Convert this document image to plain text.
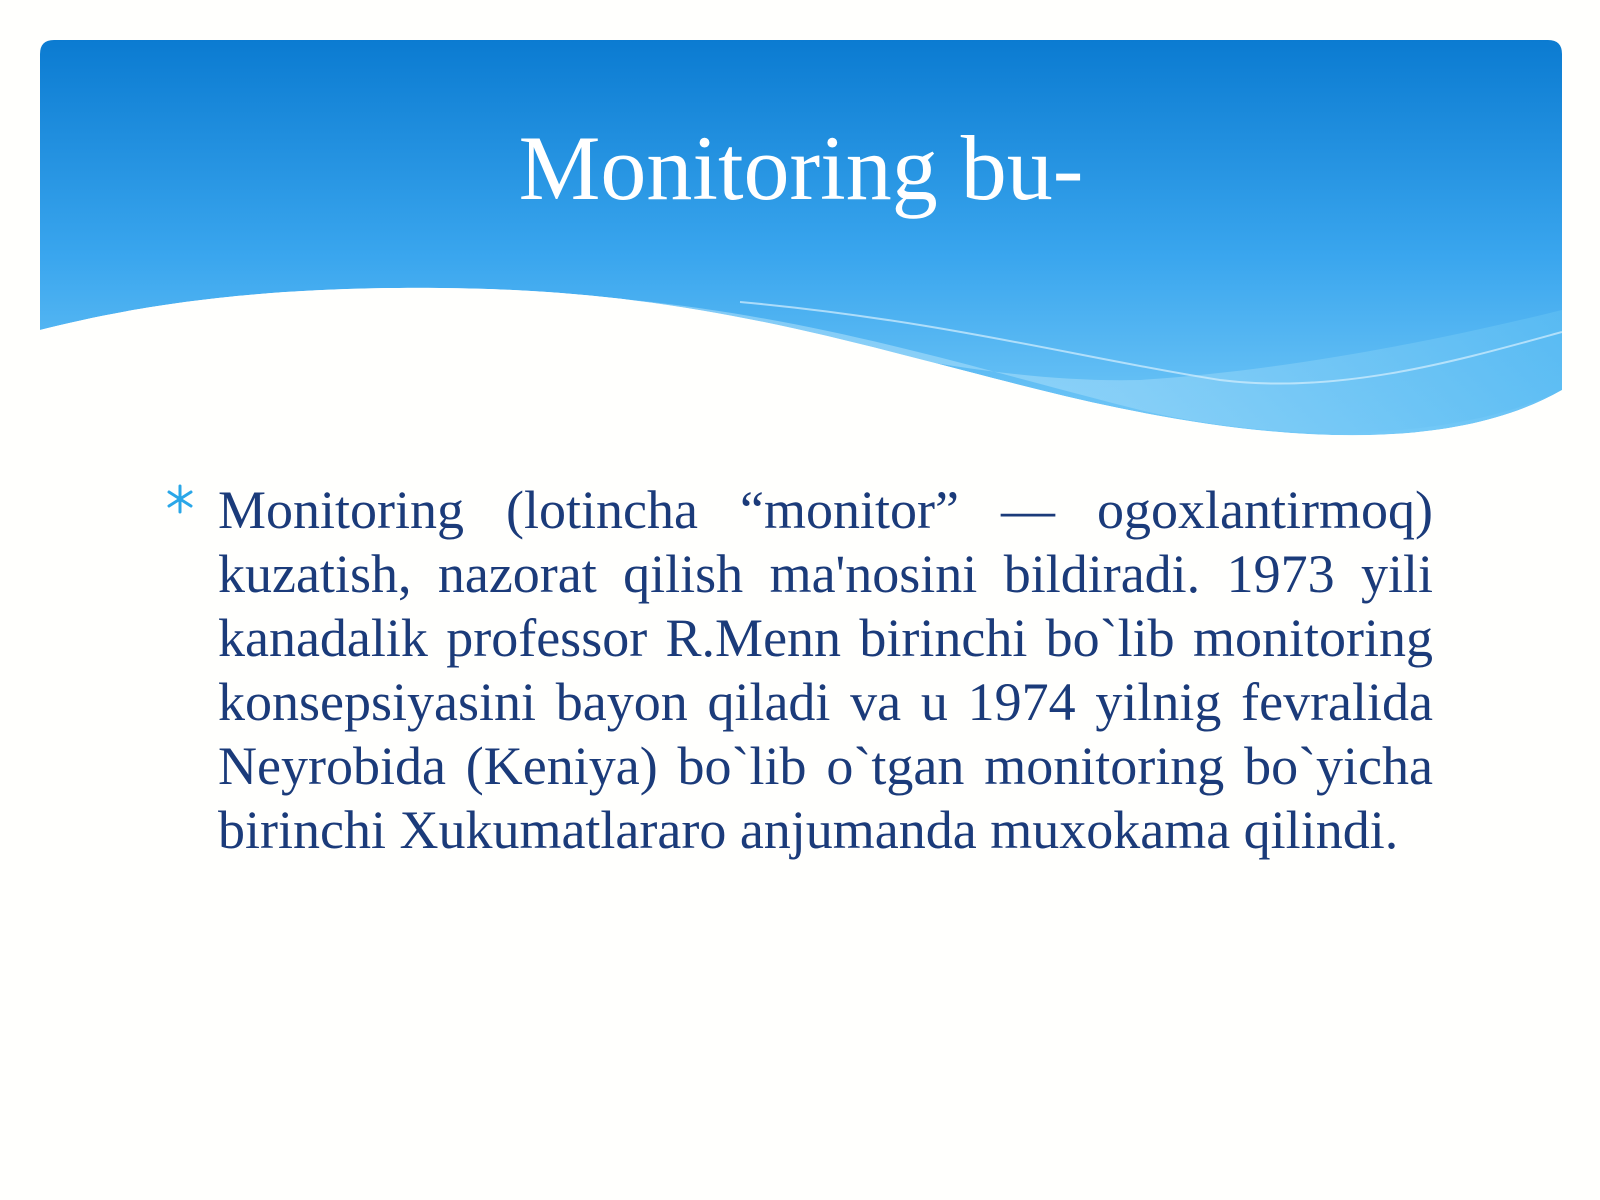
Monitoring bu-

Monitoring (lotincha “monitor” — ogoxlantirmoq) kuzatish, nazorat qilish ma'nosini bildiradi. 1973 yili kanadalik professor R.Menn birinchi bo`lib monitoring konsepsiyasini bayon qiladi va u 1974 yilnig fevralida Neyrobida (Keniya) bo`lib o`tgan monitoring bo`yicha birinchi Xukumatlararo anjumanda muxokama qilindi.
